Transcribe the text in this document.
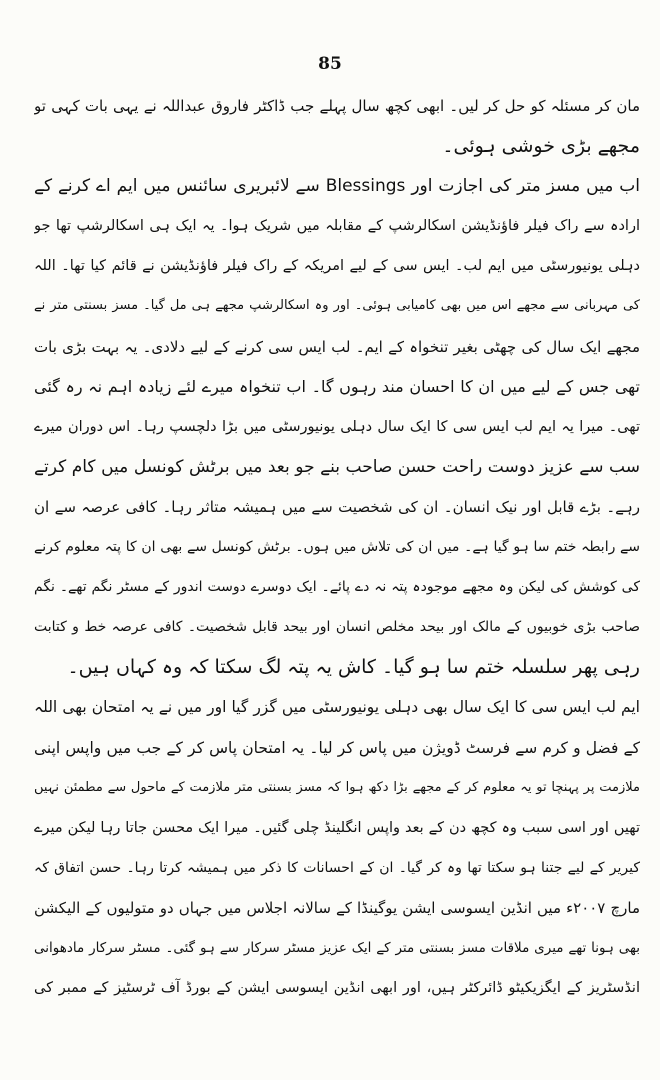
85
مان کر مسئلہ کو حل کر لیں۔ ابھی کچھ سال پہلے جب ڈاکٹر فاروق عبداللہ نے یہی بات کہی تو
مجھے بڑی خوشی ہوئی۔
اب میں مسز متر کی اجازت اور Blessings سے لائبریری سائنس میں ایم اے کرنے کے
ارادہ سے راک فیلر فاؤنڈیشن اسکالرشپ کے مقابلہ میں شریک ہوا۔ یہ ایک ہی اسکالرشپ تھا جو
دہلی یونیورسٹی میں ایم لب۔ ایس سی کے لیے امریکہ کے راک فیلر فاؤنڈیشن نے قائم کیا تھا۔ اللہ
کی مہربانی سے مجھے اس میں بھی کامیابی ہوئی۔ اور وہ اسکالرشپ مجھے ہی مل گیا۔ مسز بسنتی متر نے
مجھے ایک سال کی چھٹی بغیر تنخواہ کے ایم۔ لب ایس سی کرنے کے لیے دلادی۔ یہ بہت بڑی بات
تھی جس کے لیے میں ان کا احسان مند رہوں گا۔ اب تنخواہ میرے لئے زیادہ اہم نہ رہ گئی
تھی۔ میرا یہ ایم لب ایس سی کا ایک سال دہلی یونیورسٹی میں بڑا دلچسپ رہا۔ اس دوران میرے
سب سے عزیز دوست راحت حسن صاحب بنے جو بعد میں برٹش کونسل میں کام کرتے
رہے۔ بڑے قابل اور نیک انسان۔ ان کی شخصیت سے میں ہمیشہ متاثر رہا۔ کافی عرصہ سے ان
سے رابطہ ختم سا ہو گیا ہے۔ میں ان کی تلاش میں ہوں۔ برٹش کونسل سے بھی ان کا پتہ معلوم کرنے
کی کوشش کی لیکن وہ مجھے موجودہ پتہ نہ دے پائے۔ ایک دوسرے دوست اندور کے مسٹر نگم تھے۔ نگم
صاحب بڑی خوبیوں کے مالک اور بیحد مخلص انسان اور بیحد قابل شخصیت۔ کافی عرصہ خط و کتابت
رہی پھر سلسلہ ختم سا ہو گیا۔ کاش یہ پتہ لگ سکتا کہ وہ کہاں ہیں۔
ایم لب ایس سی کا ایک سال بھی دہلی یونیورسٹی میں گزر گیا اور میں نے یہ امتحان بھی اللہ
کے فضل و کرم سے فرسٹ ڈویژن میں پاس کر لیا۔ یہ امتحان پاس کر کے جب میں واپس اپنی
ملازمت پر پہنچا تو یہ معلوم کر کے مجھے بڑا دکھ ہوا کہ مسز بسنتی متر ملازمت کے ماحول سے مطمئن نہیں
تھیں اور اسی سبب وہ کچھ دن کے بعد واپس انگلینڈ چلی گئیں۔ میرا ایک محسن جاتا رہا لیکن میرے
کیریر کے لیے جتنا ہو سکتا تھا وہ کر گیا۔ ان کے احسانات کا ذکر میں ہمیشہ کرتا رہا۔ حسن اتفاق کہ
مارچ ۲۰۰۷ء میں انڈین ایسوسی ایشن یوگینڈا کے سالانہ اجلاس میں جہاں دو متولیوں کے الیکشن
بھی ہونا تھے میری ملاقات مسز بسنتی متر کے ایک عزیز مسٹر سرکار سے ہو گئی۔ مسٹر سرکار مادھوانی
انڈسٹریز کے ایگزیکیٹو ڈائرکٹر ہیں، اور ابھی انڈین ایسوسی ایشن کے بورڈ آف ٹرسٹیز کے ممبر کی
